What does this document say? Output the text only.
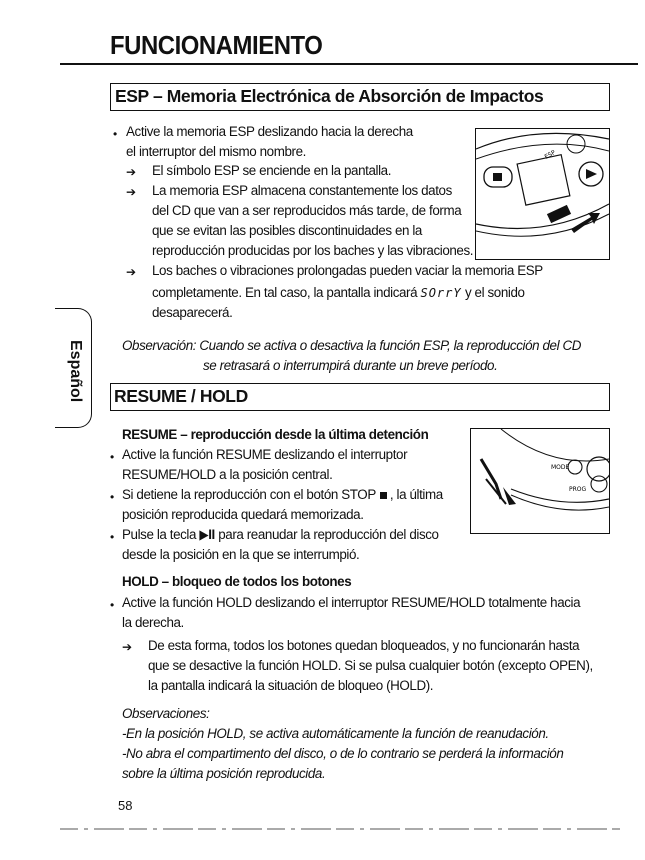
FUNCIONAMIENTO
ESP – Memoria Electrónica de Absorción de Impactos
ESP
• Active la memoria ESP deslizando hacia la derecha
el interruptor del mismo nombre.
➔ El símbolo ESP se enciende en la pantalla.
➔ La memoria ESP almacena constantemente los datos
del CD que van a ser reproducidos más tarde, de forma
que se evitan las posibles discontinuidades en la
reproducción producidas por los baches y las vibraciones.
➔ Los baches o vibraciones prolongadas pueden vaciar la memoria ESP
completamente. En tal caso, la pantalla indicará SOrrY y el sonido
desaparecerá.
Observación: Cuando se activa o desactiva la función ESP, la reproducción del CD
se retrasará o interrumpirá durante un breve período.
Español RESUME / HOLD
MODE
PROG
RESUME – reproducción desde la última detención
• Active la función RESUME deslizando el interruptor
RESUME/HOLD a la posición central.
• Si detiene la reproducción con el botón STOP , la última
posición reproducida quedará memorizada.
• Pulse la tecla ▶II para reanudar la reproducción del disco
desde la posición en la que se interrumpió.
HOLD – bloqueo de todos los botones
• Active la función HOLD deslizando el interruptor RESUME/HOLD totalmente hacia
la derecha.
➔ De esta forma, todos los botones quedan bloqueados, y no funcionarán hasta
que se desactive la función HOLD. Si se pulsa cualquier botón (excepto OPEN),
la pantalla indicará la situación de bloqueo (HOLD).
Observaciones:
-En la posición HOLD, se activa automáticamente la función de reanudación.
-No abra el compartimento del disco, o de lo contrario se perderá la información
sobre la última posición reproducida.
58
